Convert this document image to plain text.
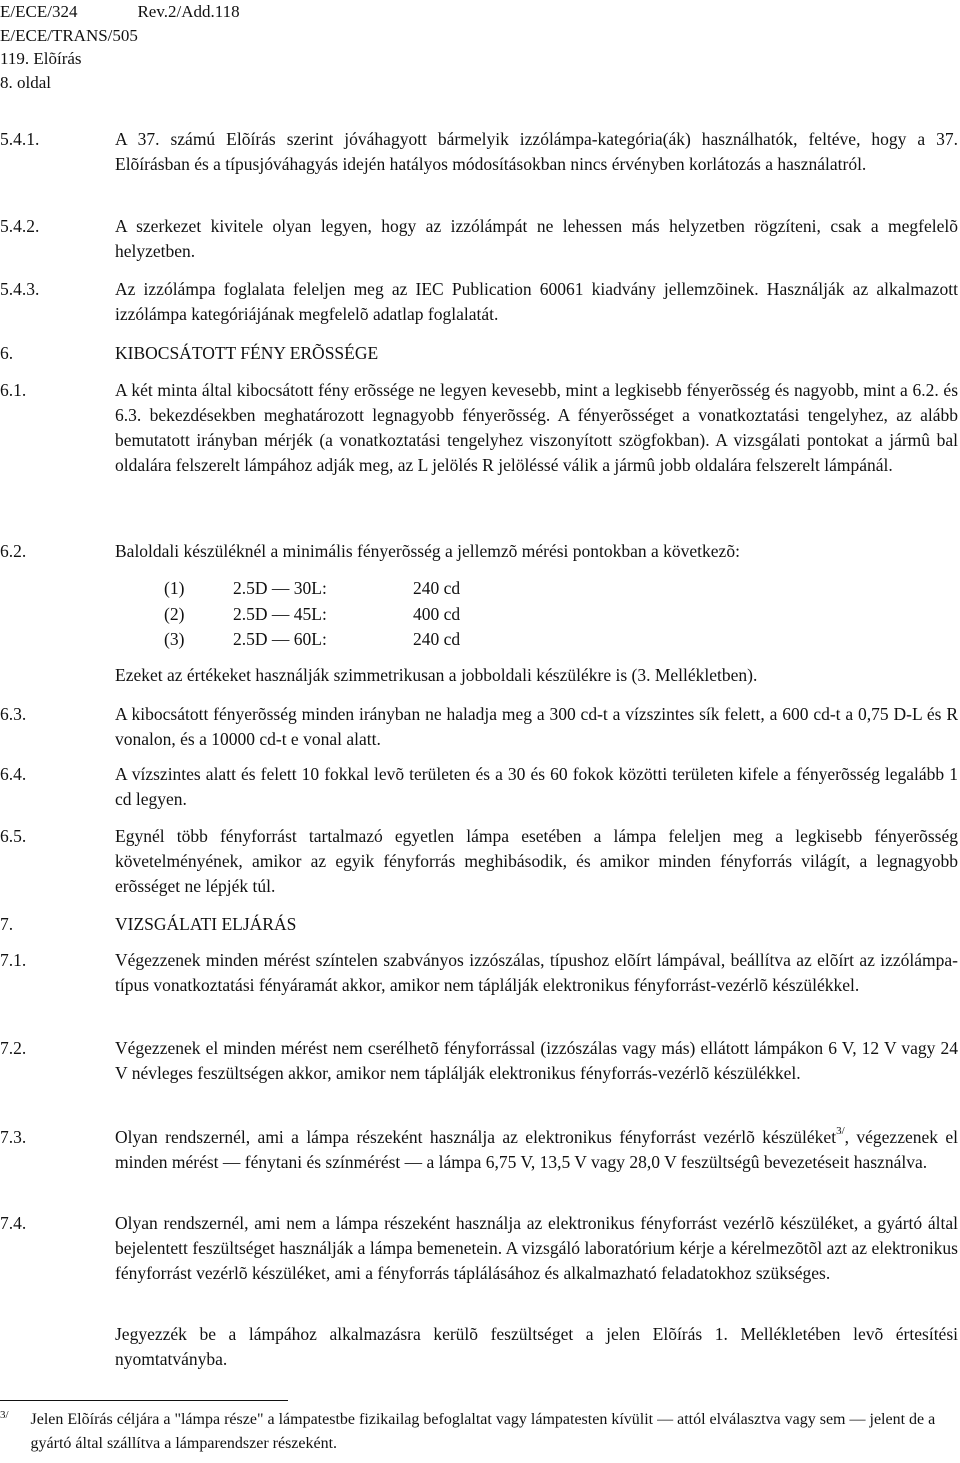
E/ECE/324	Rev.2/Add.118
E/ECE/TRANS/505
119. Elõírás
8. oldal
5.4.1.	A 37. számú Elõírás szerint jóváhagyott bármelyik izzólámpa-kategória(ák) használhatók, feltéve, hogy a 37. Elõírásban és a típusjóváhagyás idején hatályos módosításokban nincs érvényben korlátozás a használatról.

5.4.2.	A szerkezet kivitele olyan legyen, hogy az izzólámpát ne lehessen más helyzetben rögzíteni, csak a megfelelõ helyzetben.

5.4.3.	Az izzólámpa foglalata feleljen meg az IEC Publication 60061 kiadvány jellemzõinek. Használják az alkalmazott izzólámpa kategóriájának megfelelõ adatlap foglalatát.

6.	KIBOCSÁTOTT FÉNY ERÕSSÉGE
6.1.	A két minta által kibocsátott fény erõssége ne legyen kevesebb, mint a legkisebb fényerõsség és nagyobb, mint a 6.2. és 6.3. bekezdésekben meghatározott legnagyobb fényerõsség. A fényerõsséget a vonatkoztatási tengelyhez, az alább bemutatott irányban mérjék (a vonatkoztatási tengelyhez viszonyított szögfokban). A vizsgálati pontokat a jármû bal oldalára felszerelt lámpához adják meg, az L jelölés R jelöléssé válik a jármû jobb oldalára felszerelt lámpánál.

6.2.	Baloldali készüléknél a minimális fényerõsség a jellemzõ mérési pontokban a következõ:

(1)	2.5D — 30L:	240 cd
(2)	2.5D — 45L:	400 cd
(3)	2.5D — 60L:	240 cd
Ezeket az értékeket használják szimmetrikusan a jobboldali készülékre is (3. Mellékletben).
6.3.	A kibocsátott fényerõsség minden irányban ne haladja meg a 300 cd-t a vízszintes sík felett, a 600 cd-t a 0,75 D-L és R vonalon, és a 10000 cd-t e vonal alatt.

6.4.	A vízszintes alatt és felett 10 fokkal levõ területen és a 30 és 60 fokok közötti területen kifele a fényerõsség legalább 1 cd legyen.

6.5.	Egynél több fényforrást tartalmazó egyetlen lámpa esetében a lámpa feleljen meg a legkisebb fényerõsség követelményének, amikor az egyik fényforrás meghibásodik, és amikor minden fényforrás világít, a legnagyobb erõsséget ne lépjék túl.

7.	VIZSGÁLATI ELJÁRÁS
7.1.	Végezzenek minden mérést színtelen szabványos izzószálas, típushoz elõírt lámpával, beállítva az elõírt az izzólámpa-típus vonatkoztatási fényáramát akkor, amikor nem táplálják elektronikus fényforrást-vezérlõ készülékkel.

7.2.	Végezzenek el minden mérést nem cserélhetõ fényforrással (izzószálas vagy más) ellátott lámpákon 6 V, 12 V vagy 24 V névleges feszültségen akkor, amikor nem táplálják elektronikus fényforrás-vezérlõ készülékkel.

7.3.	Olyan rendszernél, ami a lámpa részeként használja az elektronikus fényforrást vezérlõ készüléket$^{3/}$, végezzenek el minden mérést — fénytani és színmérést — a lámpa 6,75 V, 13,5 V vagy 28,0 V feszültségû bevezetéseit használva.

7.4.	Olyan rendszernél, ami nem a lámpa részeként használja az elektronikus fényforrást vezérlõ készüléket, a gyártó által bejelentett feszültséget használják a lámpa bemenetein. A vizsgáló laboratórium kérje a kérelmezõtõl azt az elektronikus fényforrást vezérlõ készüléket, ami a fényforrás táplálásához és alkalmazható feladatokhoz szükséges.

Jegyezzék be a lámpához alkalmazásra kerülõ feszültséget a jelen Elõírás 1. Mellékletében levõ értesítési nyomtatványba.
3/	Jelen Elõírás céljára a "lámpa része" a lámpatestbe fizikailag befoglaltat vagy lámpatesten kívülit — attól elválasztva vagy sem — jelent de a gyártó által szállítva a lámparendszer részeként.
